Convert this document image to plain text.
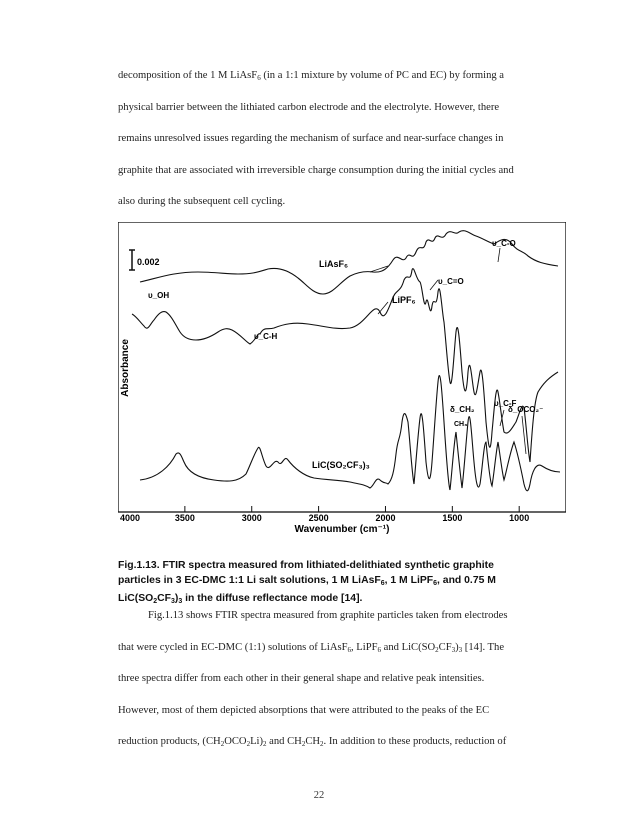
decomposition of the 1 M LiAsF$_6$ (in a 1:1 mixture by volume of PC and EC) by forming a
physical barrier between the lithiated carbon electrode and the electrolyte. However, there
remains unresolved issues regarding the mechanism of surface and near-surface changes in
graphite that are associated with irreversible charge consumption during the initial cycles and
also during the subsequent cell cycling.
4000	3500	3000	2500	2000	1500	1000
0.002
Absorbance
LiAsF₆
LiPF₆
LiC(SO₂CF₃)₃
υ_OH
υ_C-H
υ_C=O
υ_C-O
υ_C-F
δ_CH₂
CH₃
δ_OCO₂⁻
Wavenumber (cm⁻¹)
Fig.1.13. FTIR spectra measured from lithiated-delithiated synthetic graphite
particles in 3 EC-DMC 1:1 Li salt solutions, 1 M LiAsF$_6$, 1 M LiPF$_6$, and 0.75 M
$LiC(SO_2CF_3)_3$ in the diffuse reflectance mode [14].
Fig.1.13 shows FTIR spectra measured from graphite particles taken from electrodes
that were cycled in EC-DMC (1:1) solutions of LiAsF$_6$, LiPF$_6$ and $LiC(SO_2CF_3)_3$ [14]. The
three spectra differ from each other in their general shape and relative peak intensities.
However, most of them depicted absorptions that were attributed to the peaks of the EC
reduction products, $(CH_2OCO_2Li)_2$ and $CH_2CH_2$. In addition to these products, reduction of
22
